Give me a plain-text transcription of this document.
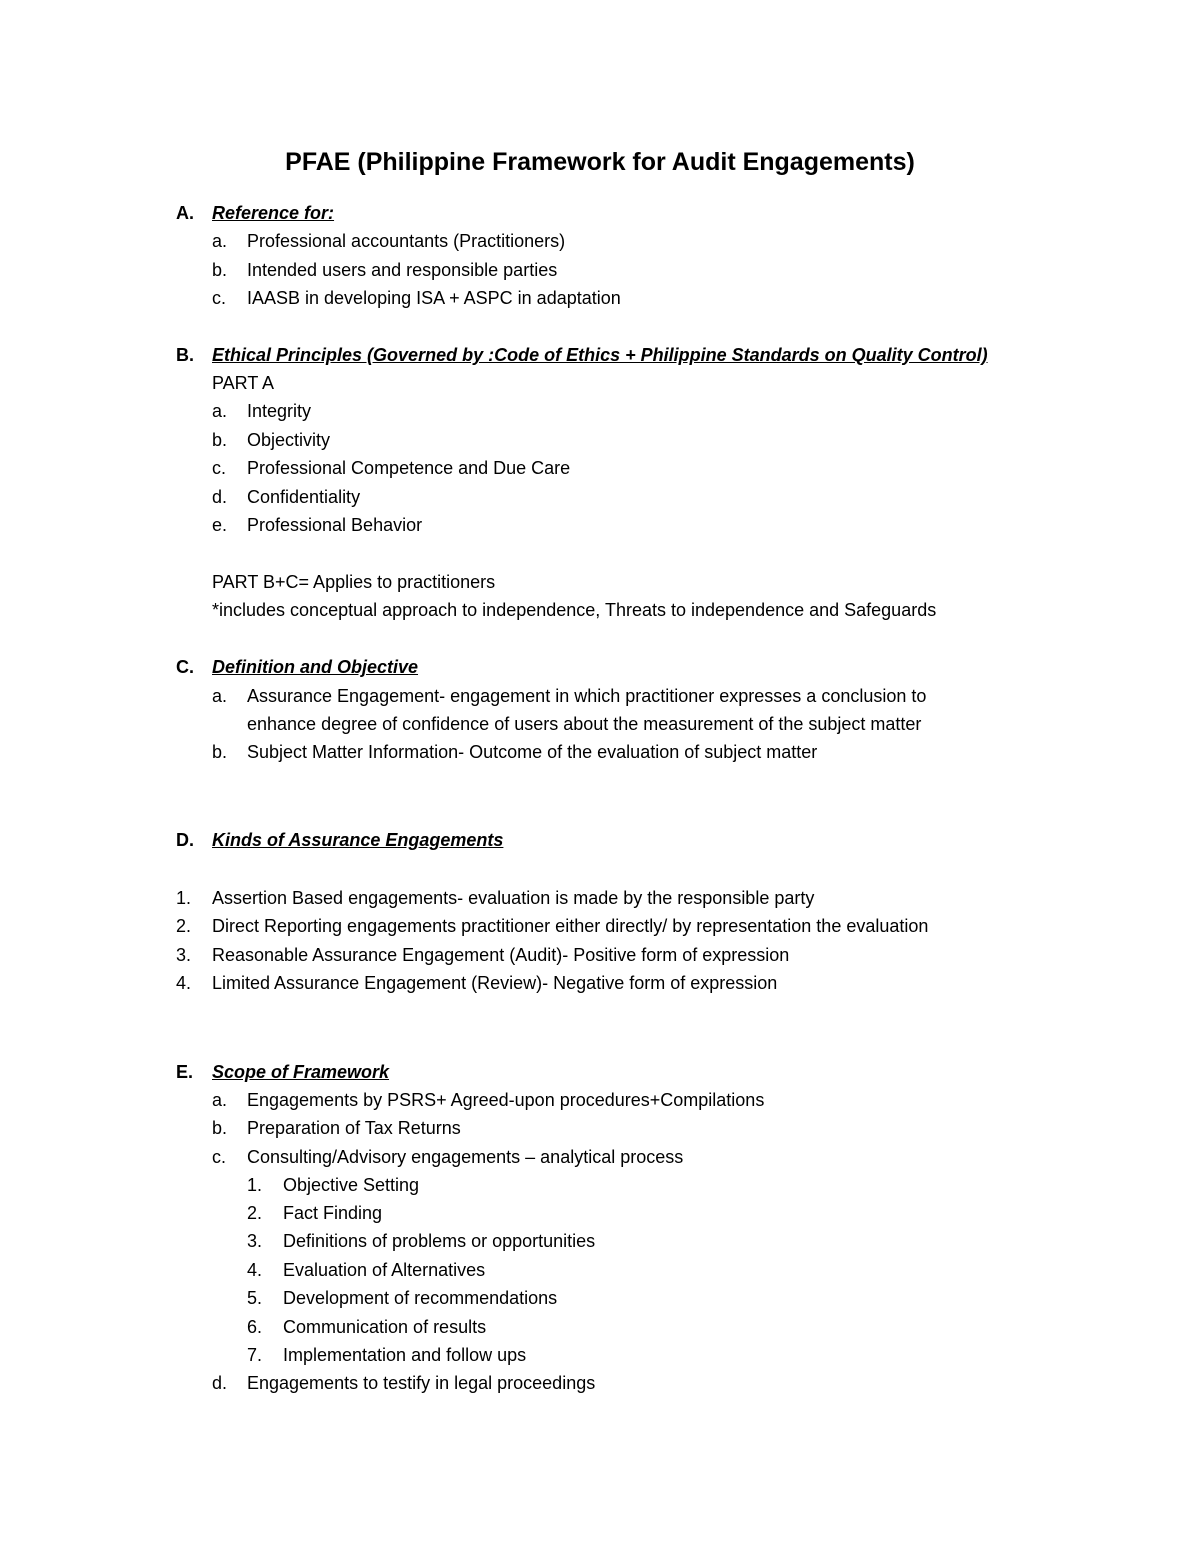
PFAE (Philippine Framework for Audit Engagements)
A. Reference for:
a. Professional accountants (Practitioners)
b. Intended users and responsible parties
c. IAASB in developing ISA + ASPC in adaptation
B. Ethical Principles (Governed by :Code of Ethics + Philippine Standards on Quality Control)
PART A
a. Integrity
b. Objectivity
c. Professional Competence and Due Care
d. Confidentiality
e. Professional Behavior
PART B+C= Applies to practitioners
*includes conceptual approach to independence, Threats to independence and Safeguards
C. Definition and Objective
a. Assurance Engagement- engagement in which practitioner expresses a conclusion to
enhance degree of confidence of users about the measurement of the subject matter
b. Subject Matter Information- Outcome of the evaluation of subject matter
D. Kinds of Assurance Engagements
1. Assertion Based engagements- evaluation is made by the responsible party
2. Direct Reporting engagements practitioner either directly/ by representation the evaluation
3. Reasonable Assurance Engagement (Audit)- Positive form of expression
4. Limited Assurance Engagement (Review)- Negative form of expression
E. Scope of Framework
a. Engagements by PSRS+ Agreed-upon procedures+Compilations
b. Preparation of Tax Returns
c. Consulting/Advisory engagements – analytical process
1. Objective Setting
2. Fact Finding
3. Definitions of problems or opportunities
4. Evaluation of Alternatives
5. Development of recommendations
6. Communication of results
7. Implementation and follow ups
d. Engagements to testify in legal proceedings
